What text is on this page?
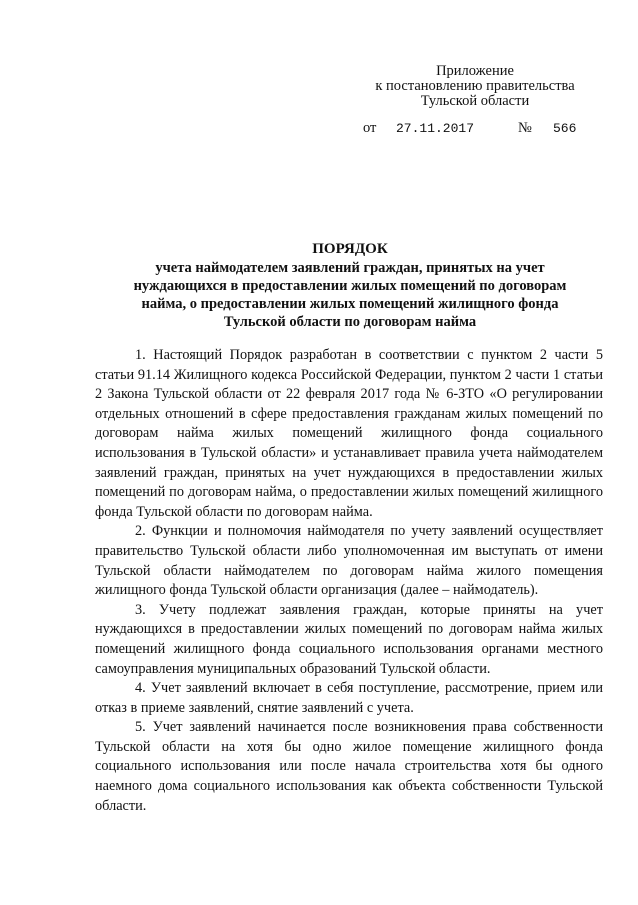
Приложение
к постановлению правительства
Тульской области
от 27.11.2017	№ 566
ПОРЯДОК
учета наймодателем заявлений граждан, принятых на учет
нуждающихся в предоставлении жилых помещений по договорам
найма, о предоставлении жилых помещений жилищного фонда
Тульской области по договорам найма

1. Настоящий Порядок разработан в соответствии с пунктом 2 части 5 статьи 91.14 Жилищного кодекса Российской Федерации, пунктом 2 части 1 статьи 2 Закона Тульской области от 22 февраля 2017 года № 6-ЗТО «О регулировании отдельных отношений в сфере предоставления гражданам жилых помещений по договорам найма жилых помещений жилищного фонда социального использования в Тульской области» и устанавливает правила учета наймодателем заявлений граждан, принятых на учет нуждающихся в предоставлении жилых помещений по договорам найма, о предоставлении жилых помещений жилищного фонда Тульской области по договорам найма.

2. Функции и полномочия наймодателя по учету заявлений осуществляет правительство Тульской области либо уполномоченная им выступать от имени Тульской области наймодателем по договорам найма жилого помещения жилищного фонда Тульской области организация (далее – наймодатель).

3. Учету подлежат заявления граждан, которые приняты на учет нуждающихся в предоставлении жилых помещений по договорам найма жилых помещений жилищного фонда социального использования органами местного самоуправления муниципальных образований Тульской области.

4. Учет заявлений включает в себя поступление, рассмотрение, прием или отказ в приеме заявлений, снятие заявлений с учета.

5. Учет заявлений начинается после возникновения права собственности Тульской области на хотя бы одно жилое помещение жилищного фонда социального использования или после начала строительства хотя бы одного наемного дома социального использования как объекта собственности Тульской области.
